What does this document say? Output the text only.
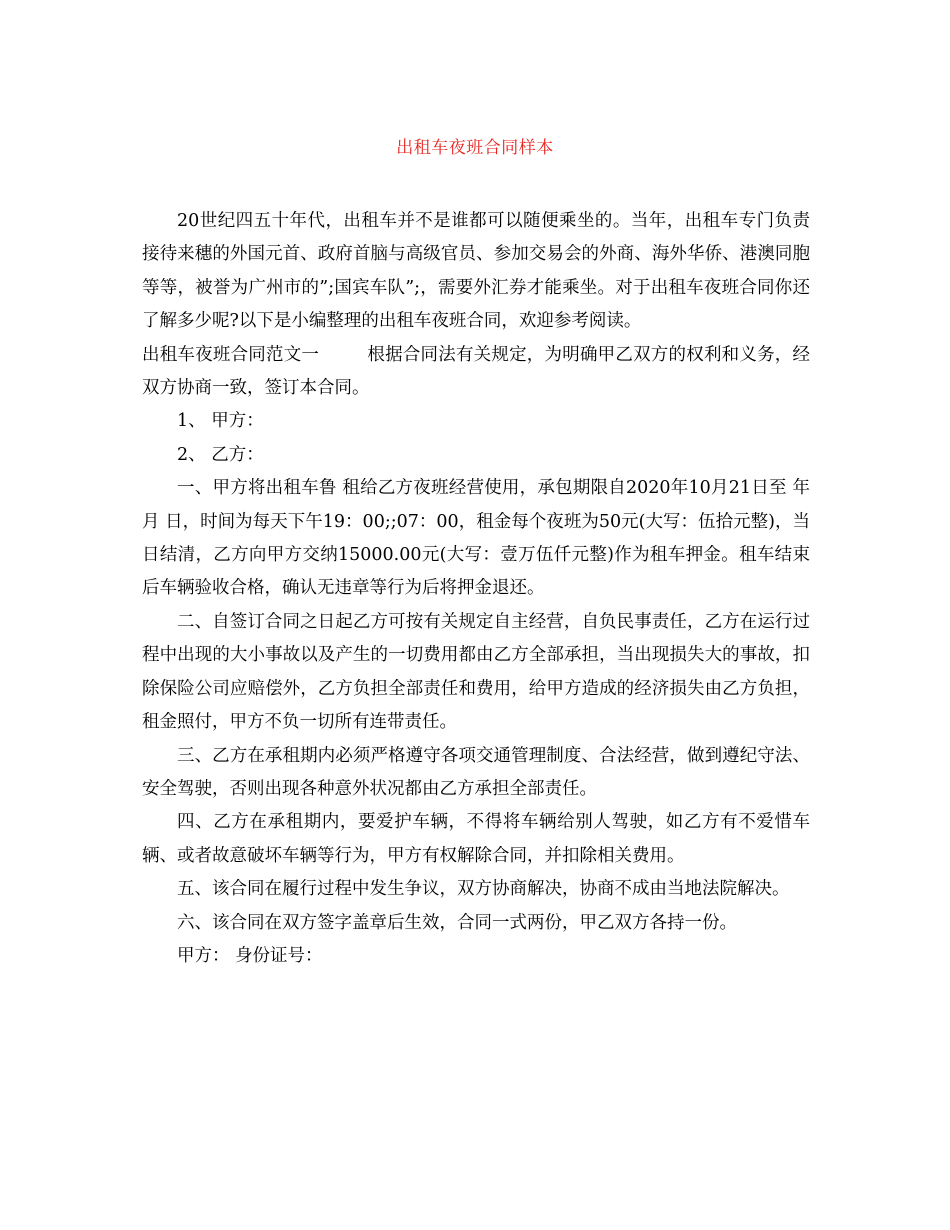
出租车夜班合同样本

20世纪四五十年代，出租车并不是谁都可以随便乘坐的。当年，出租车专门负责接待来穗的外国元首、政府首脑与高级官员、参加交易会的外商、海外华侨、港澳同胞等等，被誉为广州市的”;国宾车队”;，需要外汇券才能乘坐。对于出租车夜班合同你还了解多少呢?以下是小编整理的出租车夜班合同，欢迎参考阅读。

出租车夜班合同范文一	根据合同法有关规定，为明确甲乙双方的权利和义务，经双方协商一致，签订本合同。

1、 甲方：

2、 乙方：

一、甲方将出租车鲁 租给乙方夜班经营使用，承包期限自2020年10月21日至 年 月 日，时间为每天下午19：00;;07：00，租金每个夜班为50元(大写：伍拾元整)，当日结清，乙方向甲方交纳15000.00元(大写：壹万伍仟元整)作为租车押金。租车结束后车辆验收合格，确认无违章等行为后将押金退还。

二、自签订合同之日起乙方可按有关规定自主经营，自负民事责任，乙方在运行过程中出现的大小事故以及产生的一切费用都由乙方全部承担，当出现损失大的事故，扣除保险公司应赔偿外，乙方负担全部责任和费用，给甲方造成的经济损失由乙方负担，租金照付，甲方不负一切所有连带责任。

三、乙方在承租期内必须严格遵守各项交通管理制度、合法经营，做到遵纪守法、安全驾驶，否则出现各种意外状况都由乙方承担全部责任。

四、乙方在承租期内，要爱护车辆，不得将车辆给别人驾驶，如乙方有不爱惜车辆、或者故意破坏车辆等行为，甲方有权解除合同，并扣除相关费用。

五、该合同在履行过程中发生争议，双方协商解决，协商不成由当地法院解决。

六、该合同在双方签字盖章后生效，合同一式两份，甲乙双方各持一份。

甲方： 身份证号：
